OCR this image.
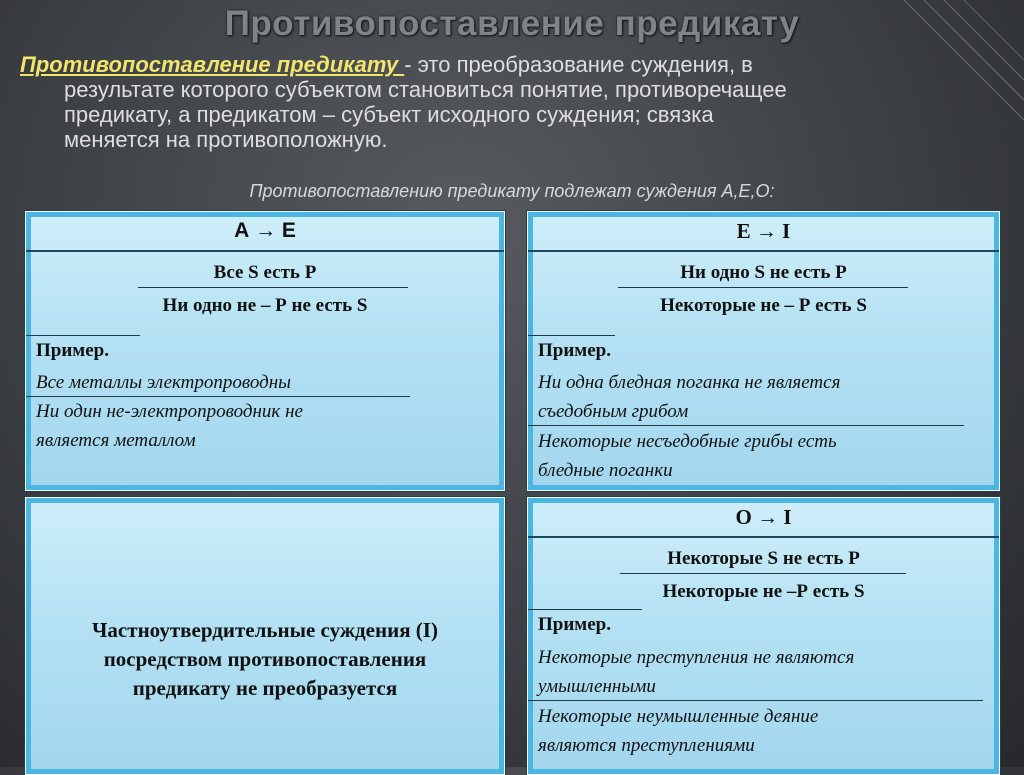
Противопоставление предикату
Противопоставление предикату - это преобразование суждения, в
результате которого субъектом становиться понятие, противоречащее
предикату, а предикатом – субъект исходного суждения; связка
меняется на противоположную.
Противопоставлению предикату подлежат суждения А,Е,О:
А → Е
Все S есть P
Ни одно не – Р не есть S
Пример.
Все металлы электропроводны
Ни один не-электропроводник не
является металлом
Е → I
Ни одно S не есть Р
Некоторые не – Р есть S
Пример.
Ни одна бледная поганка не является
съедобным грибом
Некоторые несъедобные грибы есть
бледные поганки
Частноутвердительные суждения (I)
посредством противопоставления
предикату не преобразуется
О → I
Некоторые S не есть P
Некоторые не –Р есть S
Пример.
Некоторые преступления не являются
умышленными
Некоторые неумышленные деяние
являются преступлениями
